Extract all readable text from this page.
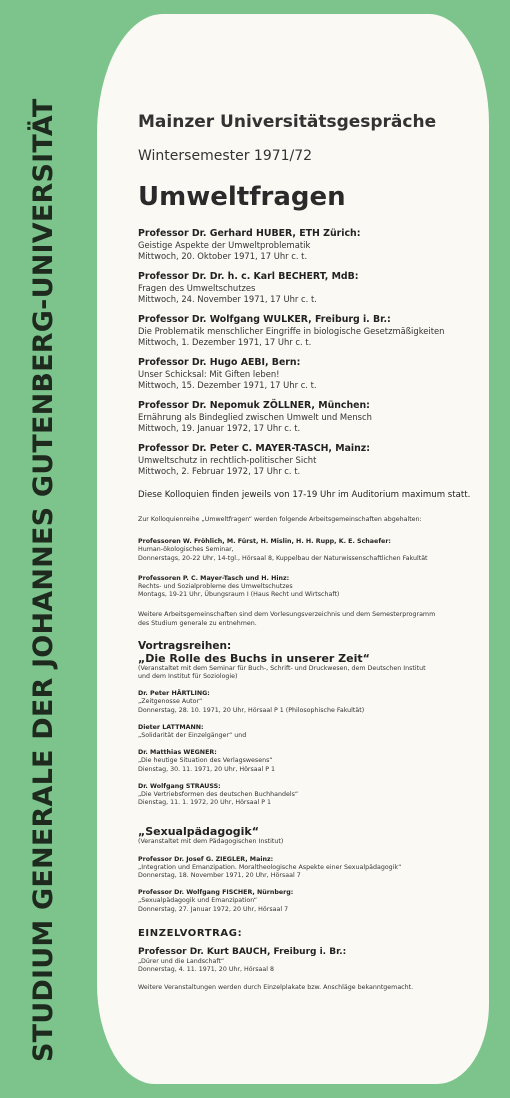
STUDIUM GENERALE DER JOHANNES GUTENBERG-UNIVERSITÄT	Mainzer Universitätsgespräche
Wintersemester 1971/72
Umweltfragen
Professor Dr. Gerhard HUBER, ETH Zürich:
Geistige Aspekte der Umweltproblematik
Mittwoch, 20. Oktober 1971, 17 Uhr c. t.
Professor Dr. Dr. h. c. Karl BECHERT, MdB:
Fragen des Umweltschutzes
Mittwoch, 24. November 1971, 17 Uhr c. t.
Professor Dr. Wolfgang WULKER, Freiburg i. Br.:
Die Problematik menschlicher Eingriffe in biologische Gesetzmäßigkeiten
Mittwoch, 1. Dezember 1971, 17 Uhr c. t.
Professor Dr. Hugo AEBI, Bern:
Unser Schicksal: Mit Giften leben!
Mittwoch, 15. Dezember 1971, 17 Uhr c. t.
Professor Dr. Nepomuk ZÖLLNER, München:
Ernährung als Bindeglied zwischen Umwelt und Mensch
Mittwoch, 19. Januar 1972, 17 Uhr c. t.
Professor Dr. Peter C. MAYER-TASCH, Mainz:
Umweltschutz in rechtlich-politischer Sicht
Mittwoch, 2. Februar 1972, 17 Uhr c. t.
Diese Kolloquien finden jeweils von 17-19 Uhr im Auditorium maximum statt.
Zur Kolloquienreihe „Umweltfragen“ werden folgende Arbeitsgemeinschaften abgehalten:
Professoren W. Fröhlich, M. Fürst, H. Mislin, H. H. Rupp, K. E. Schaefer:
Human-ökologisches Seminar,
Donnerstags, 20-22 Uhr, 14-tgl., Hörsaal 8, Kuppelbau der Naturwissenschaftlichen Fakultät
Professoren P. C. Mayer-Tasch und H. Hinz:
Rechts- und Sozialprobleme des Umweltschutzes
Montags, 19-21 Uhr, Übungsraum I (Haus Recht und Wirtschaft)
Weitere Arbeitsgemeinschaften sind dem Vorlesungsverzeichnis und dem Semesterprogramm
des Studium generale zu entnehmen.
Vortragsreihen:
„Die Rolle des Buchs in unserer Zeit“
(Veranstaltet mit dem Seminar für Buch-, Schrift- und Druckwesen, dem Deutschen Institut
und dem Institut für Soziologie)
Dr. Peter HÄRTLING:
„Zeitgenosse Autor“
Donnerstag, 28. 10. 1971, 20 Uhr, Hörsaal P 1 (Philosophische Fakultät)
Dieter LATTMANN:
„Solidarität der Einzelgänger“ und
Dr. Matthias WEGNER:
„Die heutige Situation des Verlagswesens“
Dienstag, 30. 11. 1971, 20 Uhr, Hörsaal P 1
Dr. Wolfgang STRAUSS:
„Die Vertriebsformen des deutschen Buchhandels“
Dienstag, 11. 1. 1972, 20 Uhr, Hörsaal P 1
„Sexualpädagogik“
(Veranstaltet mit dem Pädagogischen Institut)
Professor Dr. Josef G. ZIEGLER, Mainz:
„Integration und Emanzipation. Moraltheologische Aspekte einer Sexualpädagogik“
Donnerstag, 18. November 1971, 20 Uhr, Hörsaal 7
Professor Dr. Wolfgang FISCHER, Nürnberg:
„Sexualpädagogik und Emanzipation“
Donnerstag, 27. Januar 1972, 20 Uhr, Hörsaal 7
EINZELVORTRAG:
Professor Dr. Kurt BAUCH, Freiburg i. Br.:
„Dürer und die Landschaft“
Donnerstag, 4. 11. 1971, 20 Uhr, Hörsaal 8
Weitere Veranstaltungen werden durch Einzelplakate bzw. Anschläge bekanntgemacht.
